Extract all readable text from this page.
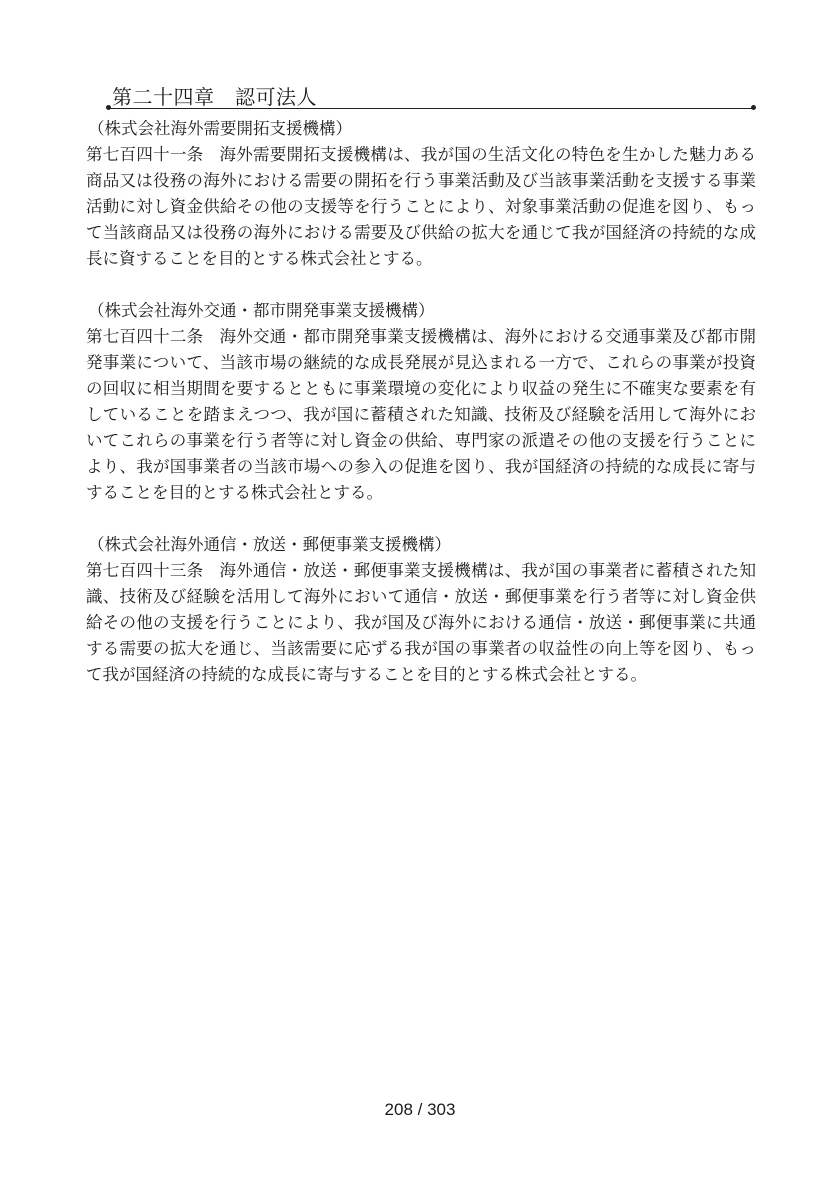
第二十四章　認可法人
（株式会社海外需要開拓支援機構）
第七百四十一条 海外需要開拓支援機構は、我が国の生活文化の特色を生かした魅力ある商品又は役務の海外における需要の開拓を行う事業活動及び当該事業活動を支援する事業活動に対し資金供給その他の支援等を行うことにより、対象事業活動の促進を図り、もって当該商品又は役務の海外における需要及び供給の拡大を通じて我が国経済の持続的な成長に資することを目的とする株式会社とする。
（株式会社海外交通・都市開発事業支援機構）
第七百四十二条 海外交通・都市開発事業支援機構は、海外における交通事業及び都市開発事業について、当該市場の継続的な成長発展が見込まれる一方で、これらの事業が投資の回収に相当期間を要するとともに事業環境の変化により収益の発生に不確実な要素を有していることを踏まえつつ、我が国に蓄積された知識、技術及び経験を活用して海外においてこれらの事業を行う者等に対し資金の供給、専門家の派遣その他の支援を行うことにより、我が国事業者の当該市場への参入の促進を図り、我が国経済の持続的な成長に寄与することを目的とする株式会社とする。
（株式会社海外通信・放送・郵便事業支援機構）
第七百四十三条 海外通信・放送・郵便事業支援機構は、我が国の事業者に蓄積された知識、技術及び経験を活用して海外において通信・放送・郵便事業を行う者等に対し資金供給その他の支援を行うことにより、我が国及び海外における通信・放送・郵便事業に共通する需要の拡大を通じ、当該需要に応ずる我が国の事業者の収益性の向上等を図り、もって我が国経済の持続的な成長に寄与することを目的とする株式会社とする。
208 / 303
